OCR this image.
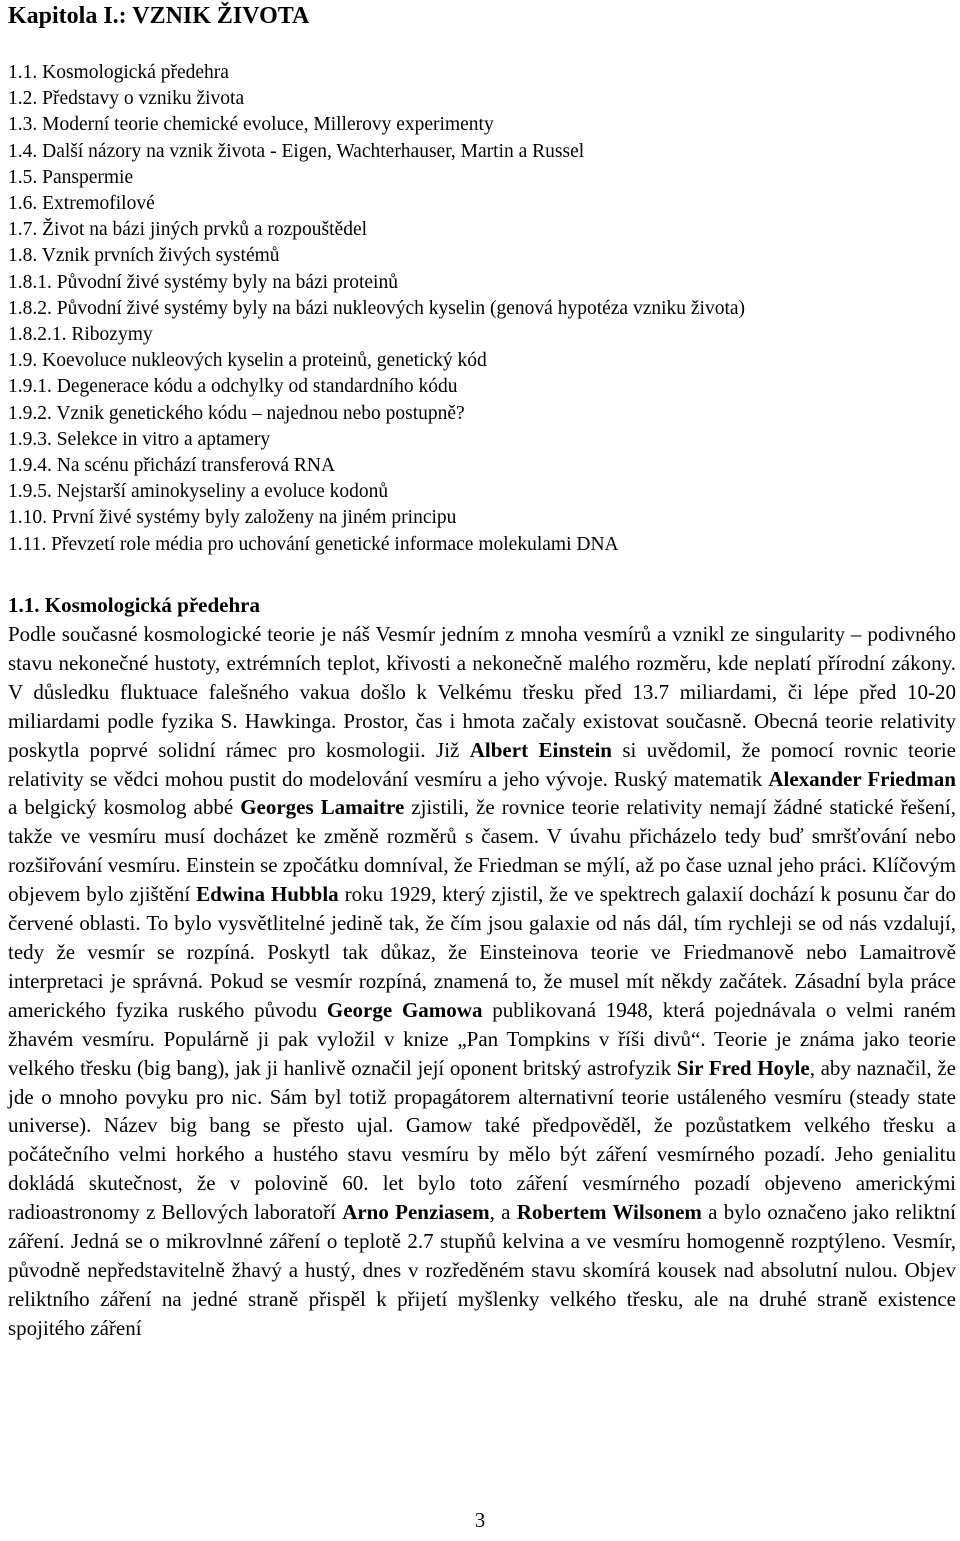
Kapitola I.: VZNIK ŽIVOTA
1.1. Kosmologická předehra
1.2. Představy o vzniku života
1.3. Moderní teorie chemické evoluce, Millerovy experimenty
1.4. Další názory na vznik života - Eigen, Wachterhauser, Martin a Russel
1.5. Panspermie
1.6. Extremofilové
1.7. Život na bázi jiných prvků a rozpouštědel
1.8. Vznik prvních živých systémů
1.8.1. Původní živé systémy byly na bázi proteinů
1.8.2. Původní živé systémy byly na bázi nukleových kyselin (genová hypotéza vzniku života)
1.8.2.1. Ribozymy
1.9. Koevoluce nukleových kyselin a proteinů, genetický kód
1.9.1. Degenerace kódu a odchylky od standardního kódu
1.9.2. Vznik genetického kódu – najednou nebo postupně?
1.9.3. Selekce in vitro a aptamery
1.9.4. Na scénu přichází transferová RNA
1.9.5. Nejstarší aminokyseliny a evoluce kodonů
1.10. První živé systémy byly založeny na jiném principu
1.11. Převzetí role média pro uchování genetické informace molekulami DNA
1.1. Kosmologická předehra

Podle současné kosmologické teorie je náš Vesmír jedním z mnoha vesmírů a vznikl ze singularity – podivného stavu nekonečné hustoty, extrémních teplot, křivosti a nekonečně malého rozměru, kde neplatí přírodní zákony. V důsledku fluktuace falešného vakua došlo k Velkému třesku před 13.7 miliardami, či lépe před 10-20 miliardami podle fyzika S. Hawkinga. Prostor, čas i hmota začaly existovat současně. Obecná teorie relativity poskytla poprvé solidní rámec pro kosmologii. Již Albert Einstein si uvědomil, že pomocí rovnic teorie relativity se vědci mohou pustit do modelování vesmíru a jeho vývoje. Ruský matematik Alexander Friedman a belgický kosmolog abbé Georges Lamaitre zjistili, že rovnice teorie relativity nemají žádné statické řešení, takže ve vesmíru musí docházet ke změně rozměrů s časem. V úvahu přicházelo tedy buď smršťování nebo rozšiřování vesmíru. Einstein se zpočátku domníval, že Friedman se mýlí, až po čase uznal jeho práci. Klíčovým objevem bylo zjištění Edwina Hubbla roku 1929, který zjistil, že ve spektrech galaxií dochází k posunu čar do červené oblasti. To bylo vysvětlitelné jedině tak, že čím jsou galaxie od nás dál, tím rychleji se od nás vzdalují, tedy že vesmír se rozpíná. Poskytl tak důkaz, že Einsteinova teorie ve Friedmanově nebo Lamaitrově interpretaci je správná. Pokud se vesmír rozpíná, znamená to, že musel mít někdy začátek. Zásadní byla práce amerického fyzika ruského původu George Gamowa publikovaná 1948, která pojednávala o velmi raném žhavém vesmíru. Populárně ji pak vyložil v knize „Pan Tompkins v říši divů“. Teorie je známa jako teorie velkého třesku (big bang), jak ji hanlivě označil její oponent britský astrofyzik Sir Fred Hoyle, aby naznačil, že jde o mnoho povyku pro nic. Sám byl totiž propagátorem alternativní teorie ustáleného vesmíru (steady state universe). Název big bang se přesto ujal. Gamow také předpověděl, že pozůstatkem velkého třesku a počátečního velmi horkého a hustého stavu vesmíru by mělo být záření vesmírného pozadí. Jeho genialitu dokládá skutečnost, že v polovině 60. let bylo toto záření vesmírného pozadí objeveno americkými radioastronomy z Bellových laboratoří Arno Penziasem, a Robertem Wilsonem a bylo označeno jako reliktní záření. Jedná se o mikrovlnné záření o teplotě 2.7 stupňů kelvina a ve vesmíru homogenně rozptýleno. Vesmír, původně nepředstavitelně žhavý a hustý, dnes v rozředěném stavu skomírá kousek nad absolutní nulou. Objev reliktního záření na jedné straně přispěl k přijetí myšlenky velkého třesku, ale na druhé straně existence spojitého záření

3
